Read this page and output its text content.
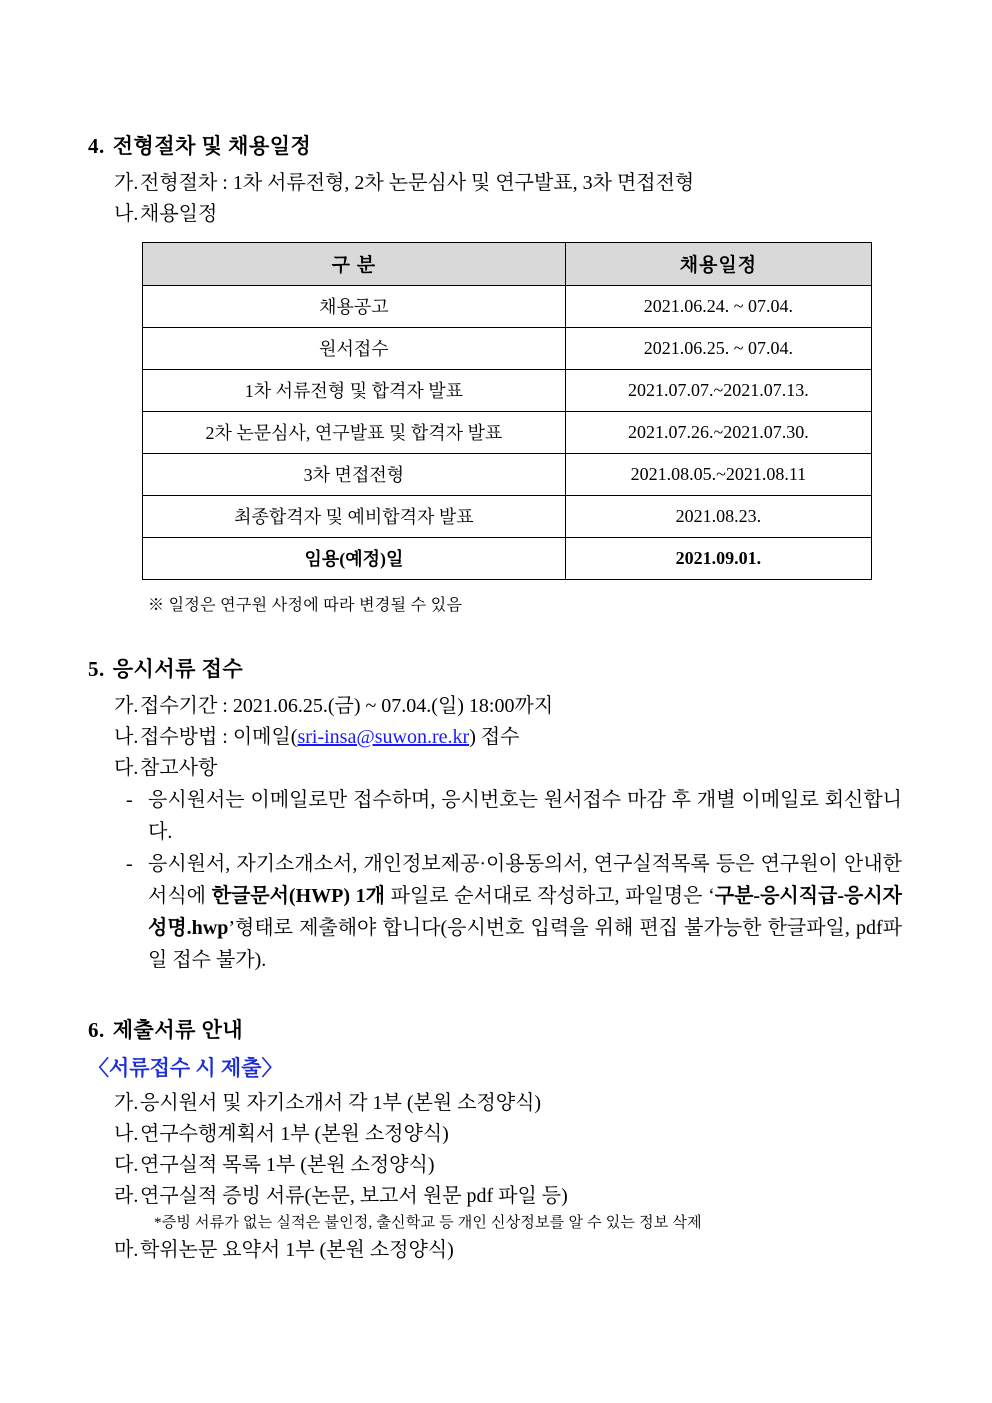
4. 전형절차 및 채용일정
가. 전형절차 : 1차 서류전형, 2차 논문심사 및 연구발표, 3차 면접전형
나. 채용일정
구 분	채용일정
채용공고	2021.06.24. ~ 07.04.
원서접수	2021.06.25. ~ 07.04.
1차 서류전형 및 합격자 발표	2021.07.07.~2021.07.13.
2차 논문심사, 연구발표 및 합격자 발표	2021.07.26.~2021.07.30.
3차 면접전형	2021.08.05.~2021.08.11
최종합격자 및 예비합격자 발표	2021.08.23.
임용(예정)일	2021.09.01.
※ 일정은 연구원 사정에 따라 변경될 수 있음
5. 응시서류 접수
가. 접수기간 : 2021.06.25.(금) ~ 07.04.(일) 18:00까지
나. 접수방법 : 이메일(sri-insa@suwon.re.kr) 접수
다. 참고사항
- 응시원서는 이메일로만 접수하며, 응시번호는 원서접수 마감 후 개별 이메일로 회신합니다.
- 응시원서, 자기소개소서, 개인정보제공·이용동의서, 연구실적목록 등은 연구원이 안내한 서식에 한글문서(HWP) 1개 파일로 순서대로 작성하고, 파일명은 ‘구분-응시직급-응시자성명.hwp’형태로 제출해야 합니다(응시번호 입력을 위해 편집 불가능한 한글파일, pdf파일 접수 불가).
6. 제출서류 안내
〈서류접수 시 제출〉
가. 응시원서 및 자기소개서 각 1부 (본원 소정양식)
나. 연구수행계획서 1부 (본원 소정양식)
다. 연구실적 목록 1부 (본원 소정양식)
라. 연구실적 증빙 서류(논문, 보고서 원문 pdf 파일 등)
*증빙 서류가 없는 실적은 불인정, 출신학교 등 개인 신상정보를 알 수 있는 정보 삭제
마. 학위논문 요약서 1부 (본원 소정양식)
